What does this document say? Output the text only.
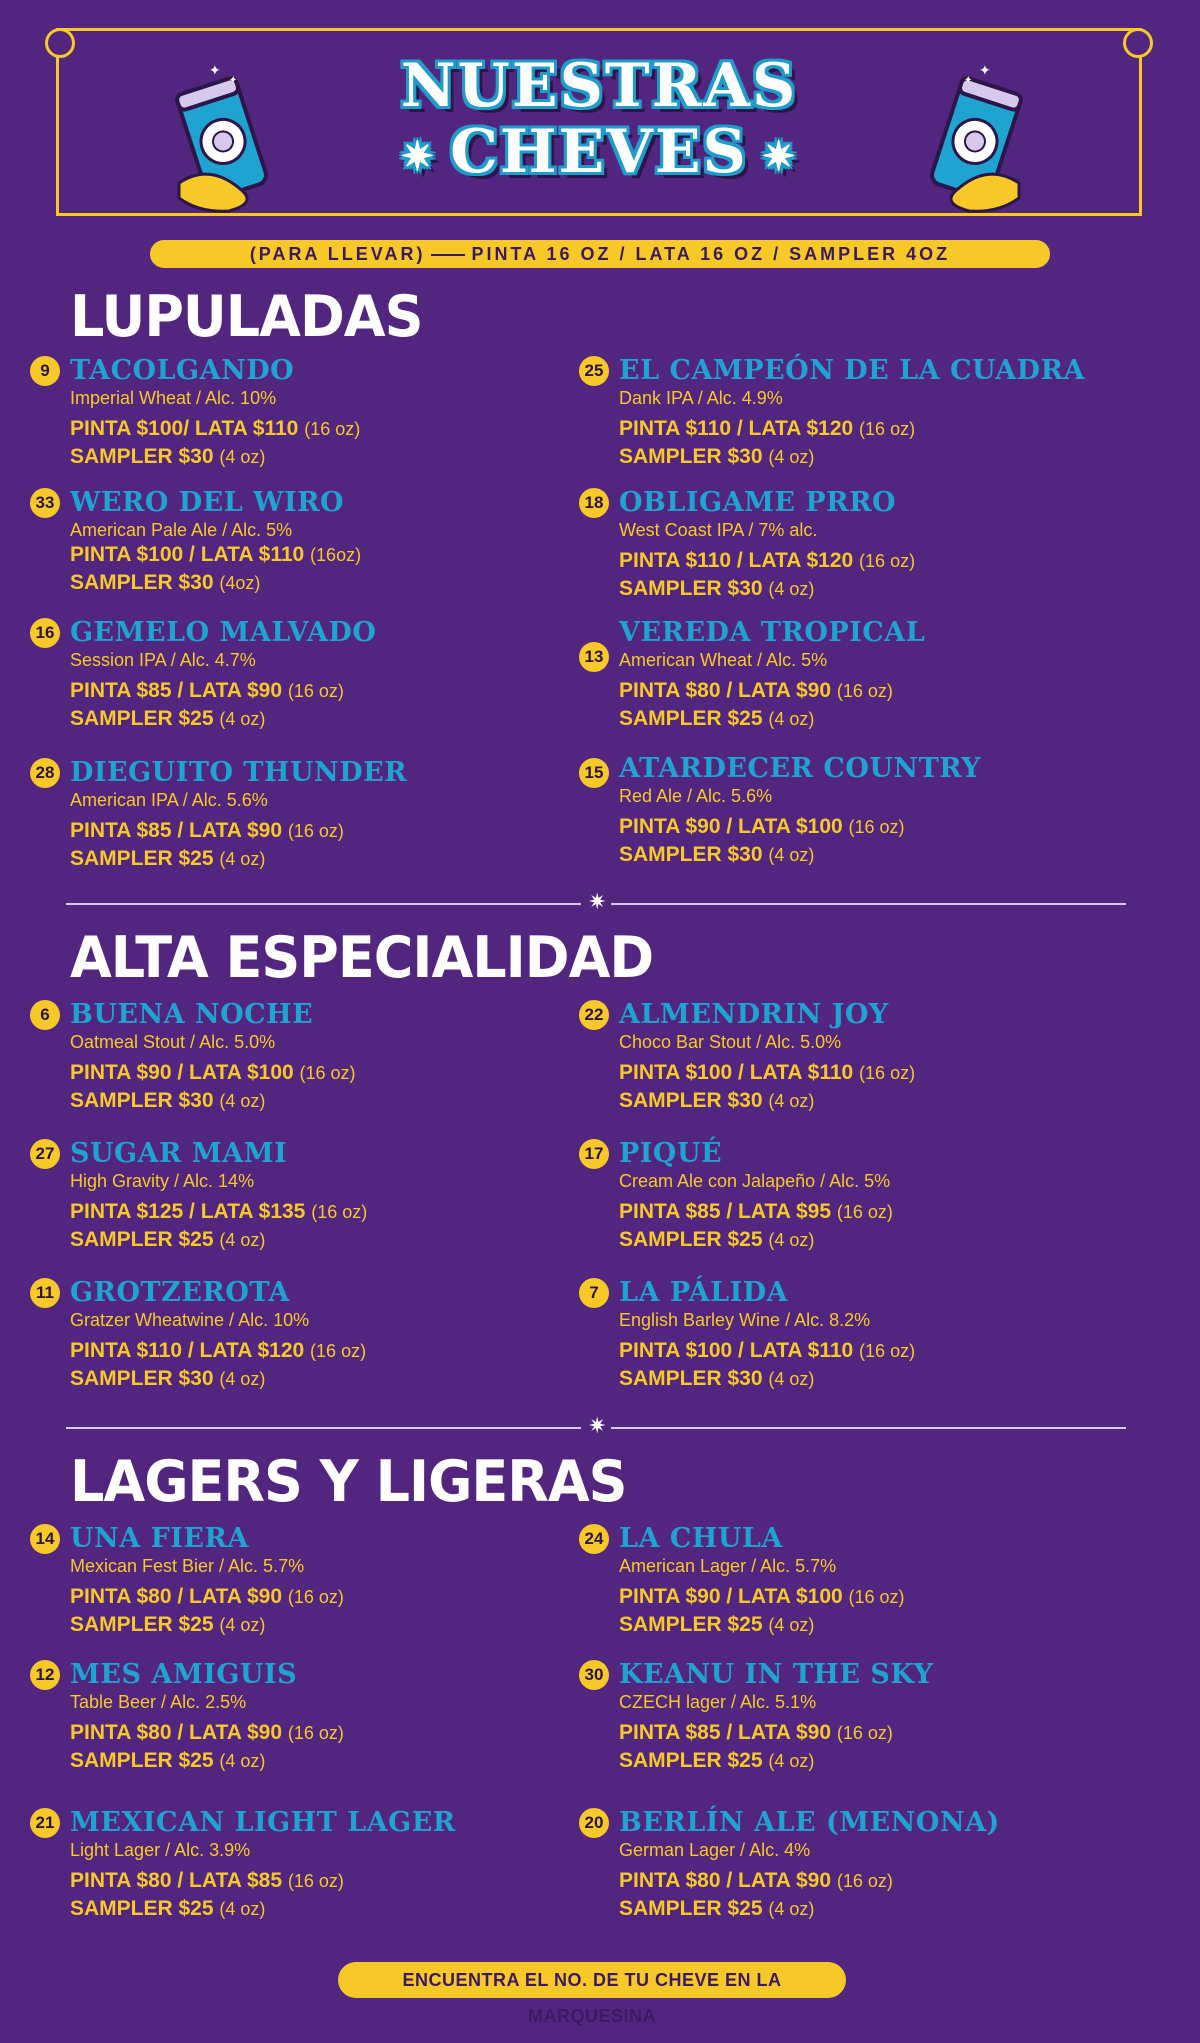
✦
✦	NUESTRAS
✷ CHEVES ✷
✦
✦
(PARA LLEVAR)	PINTA 16 OZ / LATA 16 OZ / SAMPLER 4OZ
LUPULADAS
9 TACOLGANDO
Imperial Wheat / Alc. 10%
PINTA $100/ LATA $110 (16 oz)
SAMPLER $30 (4 oz)
25 EL CAMPEÓN DE LA CUADRA
Dank IPA / Alc. 4.9%
PINTA $110 / LATA $120 (16 oz)
SAMPLER $30 (4 oz)
33 WERO DEL WIRO
American Pale Ale / Alc. 5%
PINTA $100 / LATA $110 (16oz)
SAMPLER $30 (4oz)
18 OBLIGAME PRRO
West Coast IPA / 7% alc.
PINTA $110 / LATA $120 (16 oz)
SAMPLER $30 (4 oz)
16 GEMELO MALVADO
Session IPA / Alc. 4.7%
PINTA $85 / LATA $90 (16 oz)
SAMPLER $25 (4 oz)
13
VEREDA TROPICAL
American Wheat / Alc. 5%
PINTA $80 / LATA $90 (16 oz)
SAMPLER $25 (4 oz)
28 DIEGUITO THUNDER
American IPA / Alc. 5.6%
PINTA $85 / LATA $90 (16 oz)
SAMPLER $25 (4 oz)
15 ATARDECER COUNTRY
Red Ale / Alc. 5.6%
PINTA $90 / LATA $100 (16 oz)
SAMPLER $30 (4 oz)
✷
ALTA ESPECIALIDAD
6 BUENA NOCHE
Oatmeal Stout / Alc. 5.0%
PINTA $90 / LATA $100 (16 oz)
SAMPLER $30 (4 oz)
22 ALMENDRIN JOY
Choco Bar Stout / Alc. 5.0%
PINTA $100 / LATA $110 (16 oz)
SAMPLER $30 (4 oz)
27 SUGAR MAMI
High Gravity / Alc. 14%
PINTA $125 / LATA $135 (16 oz)
SAMPLER $25 (4 oz)
17 PIQUÉ
Cream Ale con Jalapeño / Alc. 5%
PINTA $85 / LATA $95 (16 oz)
SAMPLER $25 (4 oz)
11 GROTZEROTA
Gratzer Wheatwine / Alc. 10%
PINTA $110 / LATA $120 (16 oz)
SAMPLER $30 (4 oz)
7 LA PÁLIDA
English Barley Wine / Alc. 8.2%
PINTA $100 / LATA $110 (16 oz)
SAMPLER $30 (4 oz)
✷
LAGERS Y LIGERAS
14 UNA FIERA
Mexican Fest Bier / Alc. 5.7%
PINTA $80 / LATA $90 (16 oz)
SAMPLER $25 (4 oz)
24 LA CHULA
American Lager / Alc. 5.7%
PINTA $90 / LATA $100 (16 oz)
SAMPLER $25 (4 oz)
12 MES AMIGUIS
Table Beer / Alc. 2.5%
PINTA $80 / LATA $90 (16 oz)
SAMPLER $25 (4 oz)
30 KEANU IN THE SKY
CZECH lager / Alc. 5.1%
PINTA $85 / LATA $90 (16 oz)
SAMPLER $25 (4 oz)
21 MEXICAN LIGHT LAGER
Light Lager / Alc. 3.9%
PINTA $80 / LATA $85 (16 oz)
SAMPLER $25 (4 oz)
20 BERLÍN ALE (MENONA)
German Lager / Alc. 4%
PINTA $80 / LATA $90 (16 oz)
SAMPLER $25 (4 oz)
ENCUENTRA EL NO. DE TU CHEVE EN LA MARQUESINA
